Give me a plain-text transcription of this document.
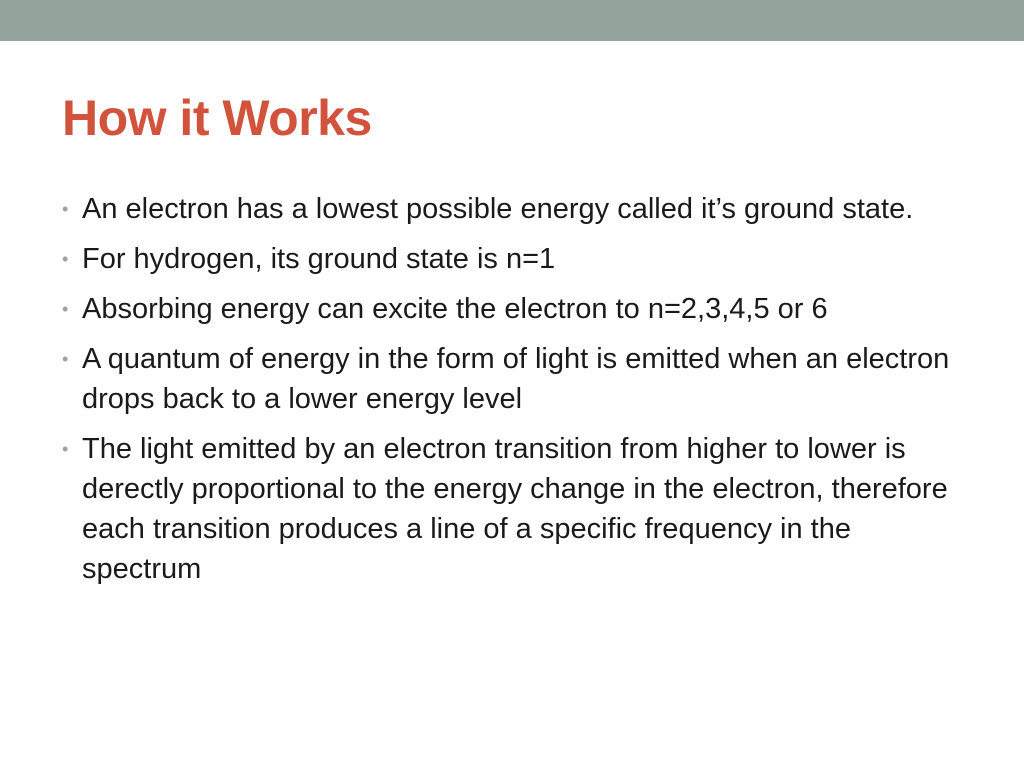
How it Works
• An electron has a lowest possible energy called it’s ground state.
• For hydrogen, its ground state is n=1
• Absorbing energy can excite the electron to n=2,3,4,5 or 6
• A quantum of energy in the form of light is emitted when an electron drops back to a lower energy level
• The light emitted by an electron transition from higher to lower is derectly proportional to the energy change in the electron, therefore each transition produces a line of a specific frequency in the spectrum
